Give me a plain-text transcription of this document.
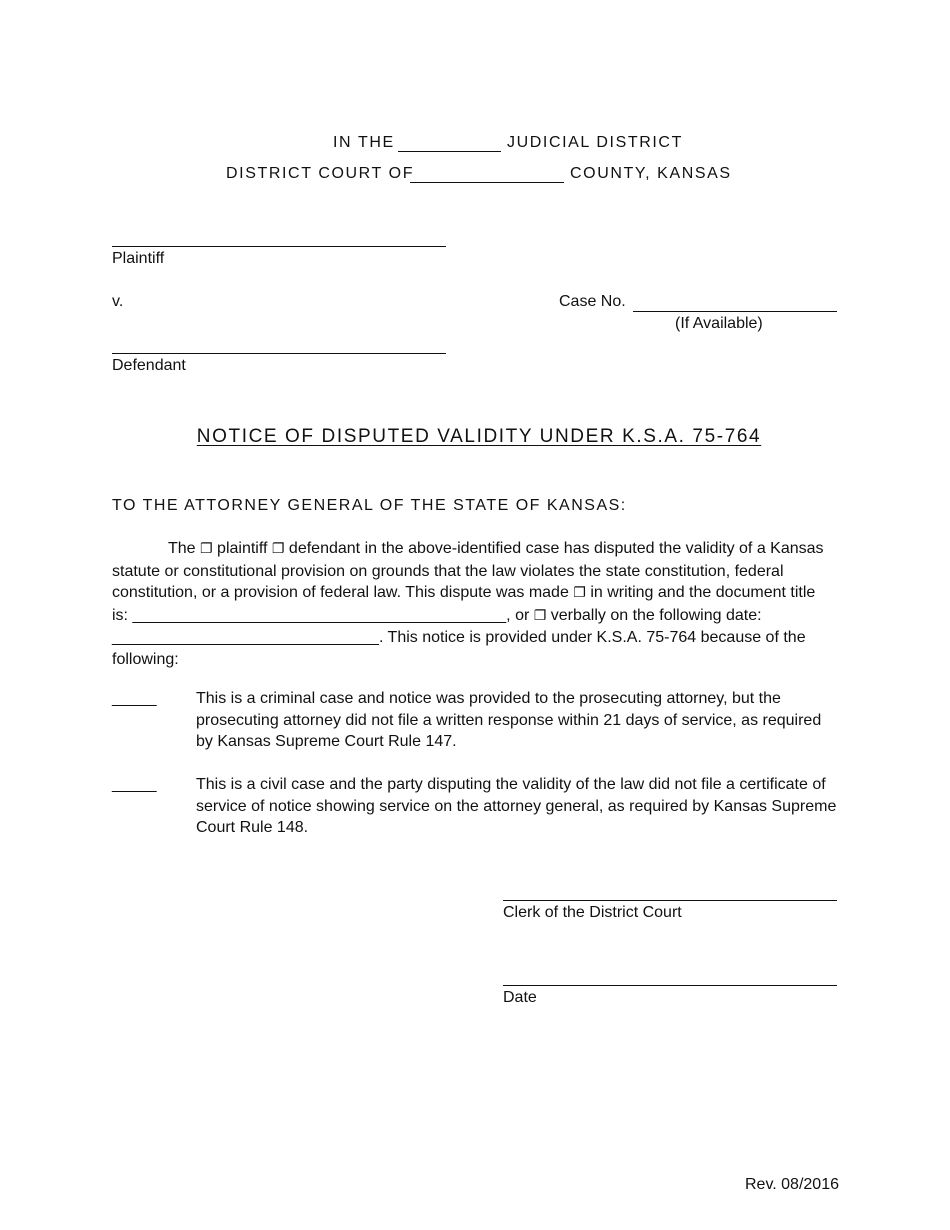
IN THE	JUDICIAL DISTRICT
DISTRICT COURT OF	COUNTY, KANSAS
Plaintiff
v.	Case No.
(If Available)
Defendant
NOTICE OF DISPUTED VALIDITY UNDER K.S.A. 75-764
TO THE ATTORNEY GENERAL OF THE STATE OF KANSAS:
The ❐ plaintiff ❐ defendant in the above-identified case has disputed the validity of a Kansas statute or constitutional provision on grounds that the law violates the state constitution, federal constitution, or a provision of federal law. This dispute was made ❐ in writing and the document title is: __________________________________________, or ❐ verbally on the following date: ______________________________. This notice is provided under K.S.A. 75-764 because of the following:
_____ This is a criminal case and notice was provided to the prosecuting attorney, but the prosecuting attorney did not file a written response within 21 days of service, as required by Kansas Supreme Court Rule 147.
_____ This is a civil case and the party disputing the validity of the law did not file a certificate of service of notice showing service on the attorney general, as required by Kansas Supreme Court Rule 148.
Clerk of the District Court
Date
Rev. 08/2016
